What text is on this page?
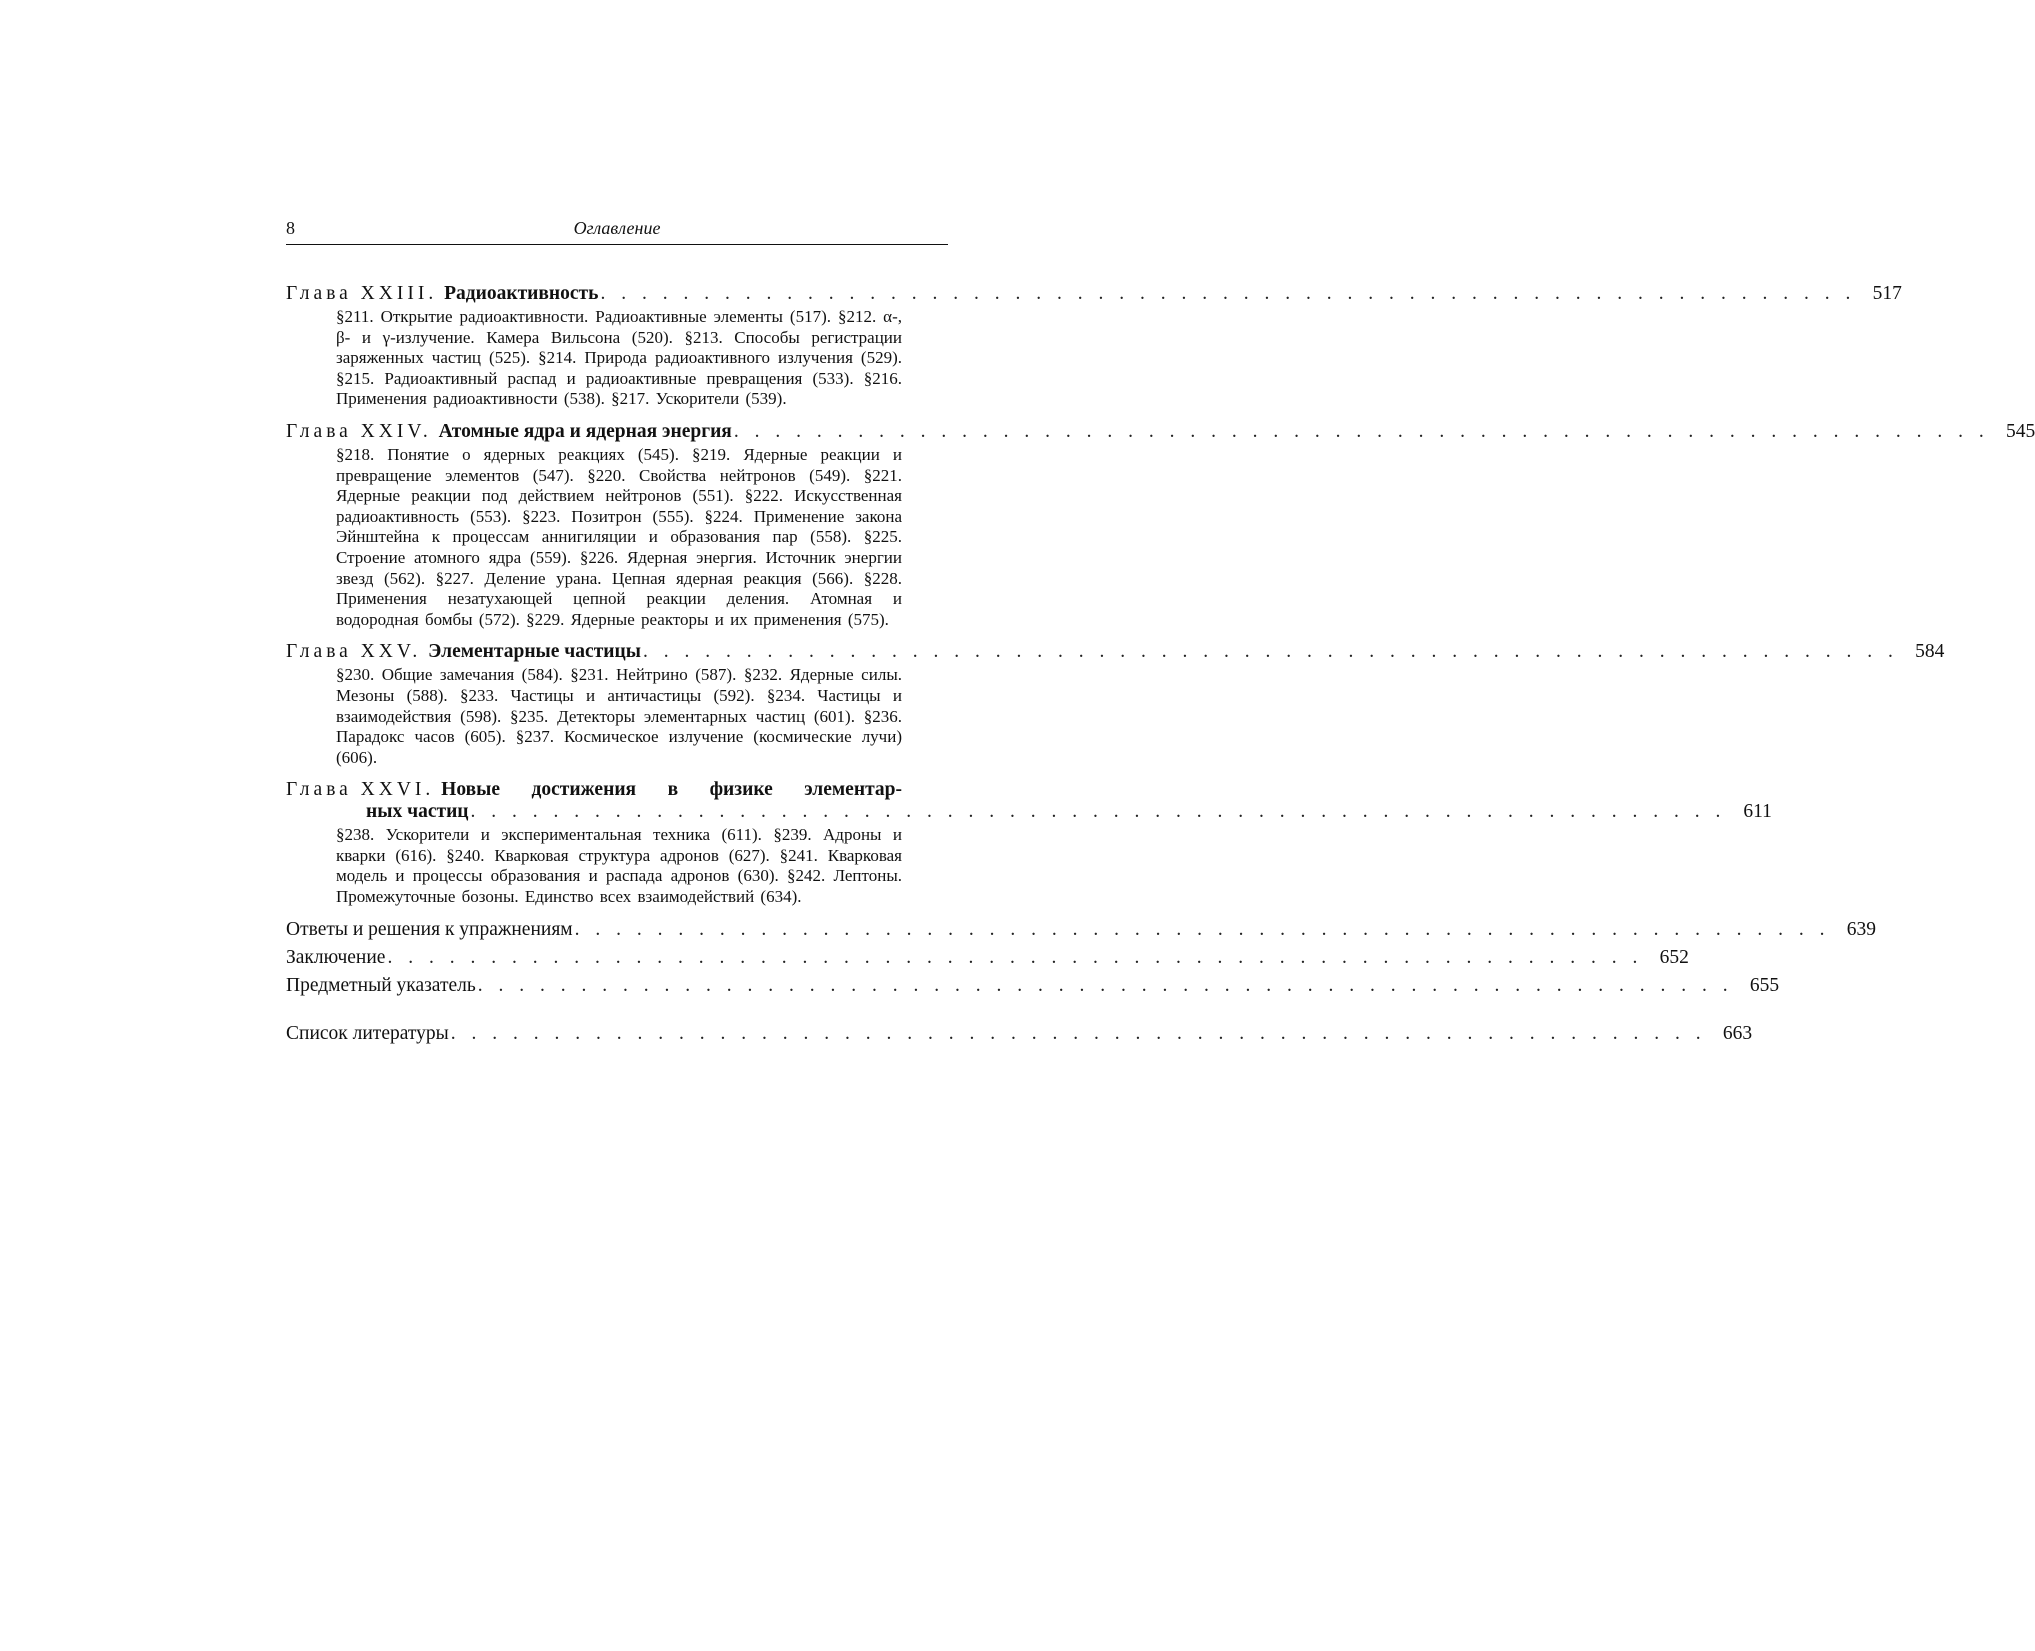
8	Оглавление
Глава XXIII.
Радиоактивность . . . . . . . . . . . . . . . . . . . . . . . . . . . . . . . . . . . . . . . . . . . . . . . . . . . . . . . . . . . . . 517
§211. Открытие радиоактивности. Радиоактивные элементы (517). §212. α-, β- и γ-излучение. Камера Вильсона (520). §213. Способы регистрации заряженных частиц (525). §214. Природа радиоактивного излучения (529). §215. Радиоактивный распад и радиоактивные превращения (533). §216. Применения радиоактивности (538). §217. Ускорители (539).
Глава XXIV.
Атомные ядра и ядерная энергия . . . . . . . . . . . . . . . . . . . . . . . . . . . . . . . . . . . . . . . . . . . . . . . . . . . . . . . . . . . . . 545
§218. Понятие о ядерных реакциях (545). §219. Ядерные реакции и превращение элементов (547). §220. Свойства нейтронов (549). §221. Ядерные реакции под действием нейтронов (551). §222. Искусственная радиоактивность (553). §223. Позитрон (555). §224. Применение закона Эйнштейна к процессам аннигиляции и образования пар (558). §225. Строение атомного ядра (559). §226. Ядерная энергия. Источник энергии звезд (562). §227. Деление урана. Цепная ядерная реакция (566). §228. Применения незатухающей цепной реакции деления. Атомная и водородная бомбы (572). §229. Ядерные реакторы и их применения (575).
Глава XXV.
Элементарные частицы . . . . . . . . . . . . . . . . . . . . . . . . . . . . . . . . . . . . . . . . . . . . . . . . . . . . . . . . . . . . . 584
§230. Общие замечания (584). §231. Нейтрино (587). §232. Ядерные силы. Мезоны (588). §233. Частицы и античастицы (592). §234. Частицы и взаимодействия (598). §235. Детекторы элементарных частиц (601). §236. Парадокс часов (605). §237. Космическое излучение (космические лучи) (606).
Глава XXVI.
Новые достижения в физике элементар-
ных частиц . . . . . . . . . . . . . . . . . . . . . . . . . . . . . . . . . . . . . . . . . . . . . . . . . . . . . . . . . . . . . 611
§238. Ускорители и экспериментальная техника (611). §239. Адроны и кварки (616). §240. Кварковая структура адронов (627). §241. Кварковая модель и процессы образования и распада адронов (630). §242. Лептоны. Промежуточные бозоны. Единство всех взаимодействий (634).
Ответы и решения к упражнениям . . . . . . . . . . . . . . . . . . . . . . . . . . . . . . . . . . . . . . . . . . . . . . . . . . . . . . . . . . . . . 639
Заключение . . . . . . . . . . . . . . . . . . . . . . . . . . . . . . . . . . . . . . . . . . . . . . . . . . . . . . . . . . . . . 652
Предметный указатель . . . . . . . . . . . . . . . . . . . . . . . . . . . . . . . . . . . . . . . . . . . . . . . . . . . . . . . . . . . . . 655
Список литературы . . . . . . . . . . . . . . . . . . . . . . . . . . . . . . . . . . . . . . . . . . . . . . . . . . . . . . . . . . . . . 663
